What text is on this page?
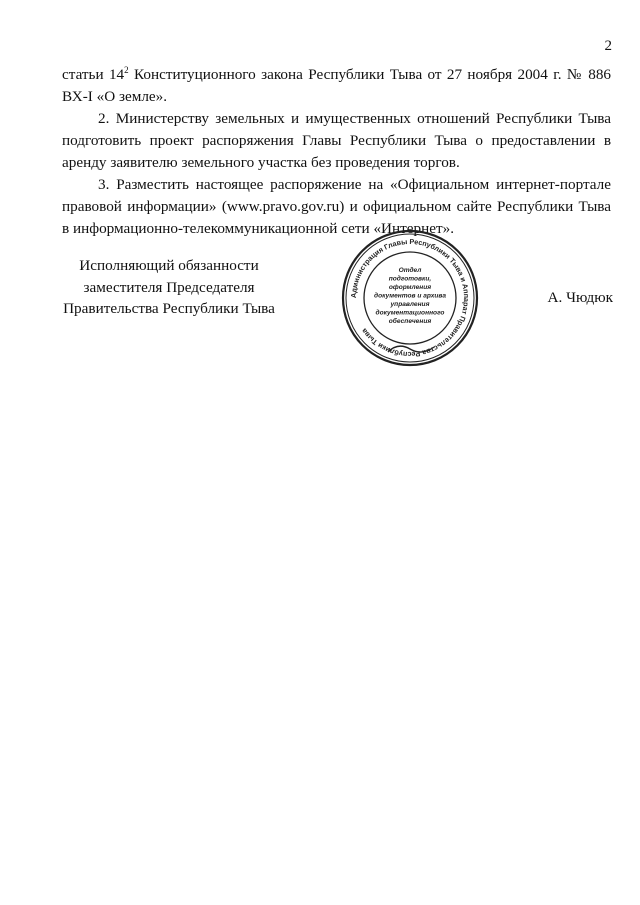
2

статьи $14^2$ Конституционного закона Республики Тыва от 27 ноября 2004 г. № 886 ВХ-I «О земле».

2. Министерству земельных и имущественных отношений Республики Тыва подготовить проект распоряжения Главы Республики Тыва о предоставлении в аренду заявителю земельного участка без проведения торгов.

3. Разместить настоящее распоряжение на «Официальном интернет-портале правовой информации» (www.pravo.gov.ru) и официальном сайте Республики Тыва в информационно-телекоммуникационной сети «Интернет».

Исполняющий обязанности
заместителя Председателя
Правительства Республики Тыва
Администрация Главы Республики Тыва и Аппарат Правительства Республики Тыва
Отдел
подготовки,
оформления
документов и архива
управления
документационного
обеспечения
А. Чюдюк
